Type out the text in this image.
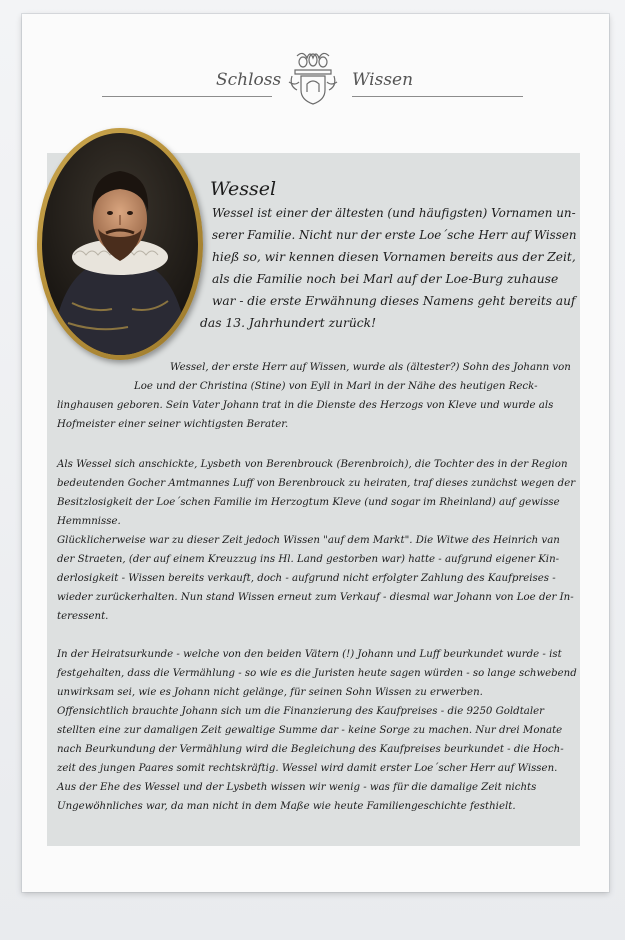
Schloss	Wissen
Wessel
Wessel ist einer der ältesten (und häufigsten) Vornamen un-
serer Familie. Nicht nur der erste Loe´sche Herr auf Wissen
hieß so, wir kennen diesen Vornamen bereits aus der Zeit,
als die Familie noch bei Marl auf der Loe-Burg zuhause
war - die erste Erwähnung dieses Namens geht bereits auf
das 13. Jahrhundert zurück!
Wessel, der erste Herr auf Wissen, wurde als (ältester?) Sohn des Johann von
Loe und der Christina (Stine) von Eyll in Marl in der Nähe des heutigen Reck-
linghausen geboren. Sein Vater Johann trat in die Dienste des Herzogs von Kleve und wurde als
Hofmeister einer seiner wichtigsten Berater.
Als Wessel sich anschickte, Lysbeth von Berenbrouck (Berenbroich), die Tochter des in der Region
bedeutenden Gocher Amtmannes Luff von Berenbrouck zu heiraten, traf dieses zunächst wegen der
Besitzlosigkeit der Loe´schen Familie im Herzogtum Kleve (und sogar im Rheinland) auf gewisse
Hemmnisse.
Glücklicherweise war zu dieser Zeit jedoch Wissen "auf dem Markt". Die Witwe des Heinrich van
der Straeten, (der auf einem Kreuzzug ins Hl. Land gestorben war) hatte - aufgrund eigener Kin-
derlosigkeit - Wissen bereits verkauft, doch - aufgrund nicht erfolgter Zahlung des Kaufpreises -
wieder zurückerhalten. Nun stand Wissen erneut zum Verkauf - diesmal war Johann von Loe der In-
teressent.
In der Heiratsurkunde - welche von den beiden Vätern (!) Johann und Luff beurkundet wurde - ist
festgehalten, dass die Vermählung - so wie es die Juristen heute sagen würden - so lange schwebend
unwirksam sei, wie es Johann nicht gelänge, für seinen Sohn Wissen zu erwerben.
Offensichtlich brauchte Johann sich um die Finanzierung des Kaufpreises - die 9250 Goldtaler
stellten eine zur damaligen Zeit gewaltige Summe dar - keine Sorge zu machen. Nur drei Monate
nach Beurkundung der Vermählung wird die Begleichung des Kaufpreises beurkundet - die Hoch-
zeit des jungen Paares somit rechtskräftig. Wessel wird damit erster Loe´scher Herr auf Wissen.
Aus der Ehe des Wessel und der Lysbeth wissen wir wenig - was für die damalige Zeit nichts
Ungewöhnliches war, da man nicht in dem Maße wie heute Familiengeschichte festhielt.
